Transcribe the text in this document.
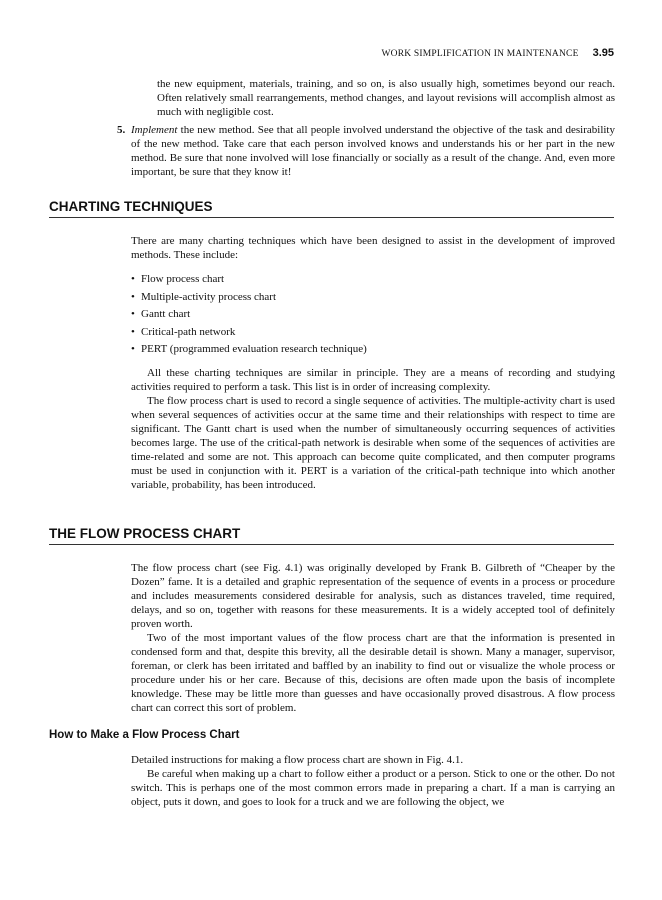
WORK SIMPLIFICATION IN MAINTENANCE 3.95

the new equipment, materials, training, and so on, is also usually high, sometimes beyond our reach. Often relatively small rearrangements, method changes, and layout revisions will accomplish almost as much with negligible cost.

5. Implement the new method. See that all people involved understand the objective of the task and desirability of the new method. Take care that each person involved knows and understands his or her part in the new method. Be sure that none involved will lose financially or socially as a result of the change. And, even more important, be sure that they know it!

CHARTING TECHNIQUES

There are many charting techniques which have been designed to assist in the development of improved methods. These include:

• Flow process chart
• Multiple-activity process chart
• Gantt chart
• Critical-path network
• PERT (programmed evaluation research technique)

All these charting techniques are similar in principle. They are a means of recording and studying activities required to perform a task. This list is in order of increasing complexity.

The flow process chart is used to record a single sequence of activities. The multiple-activity chart is used when several sequences of activities occur at the same time and their relationships with respect to time are significant. The Gantt chart is used when the number of simultaneously occurring sequences of activities becomes large. The use of the critical-path network is desirable when some of the sequences of activities are time-related and some are not. This approach can become quite complicated, and then computer programs must be used in conjunction with it. PERT is a variation of the critical-path technique into which another variable, probability, has been introduced.

THE FLOW PROCESS CHART

The flow process chart (see Fig. 4.1) was originally developed by Frank B. Gilbreth of “Cheaper by the Dozen” fame. It is a detailed and graphic representation of the sequence of events in a process or procedure and includes measurements considered desirable for analysis, such as distances traveled, time required, delays, and so on, together with reasons for these measurements. It is a widely accepted tool of definitely proven worth.

Two of the most important values of the flow process chart are that the information is presented in condensed form and that, despite this brevity, all the desirable detail is shown. Many a manager, supervisor, foreman, or clerk has been irritated and baffled by an inability to find out or visualize the whole process or procedure under his or her care. Because of this, decisions are often made upon the basis of incomplete knowledge. These may be little more than guesses and have occasionally proved disastrous. A flow process chart can correct this sort of problem.

How to Make a Flow Process Chart

Detailed instructions for making a flow process chart are shown in Fig. 4.1.

Be careful when making up a chart to follow either a product or a person. Stick to one or the other. Do not switch. This is perhaps one of the most common errors made in preparing a chart. If a man is carrying an object, puts it down, and goes to look for a truck and we are following the object, we
